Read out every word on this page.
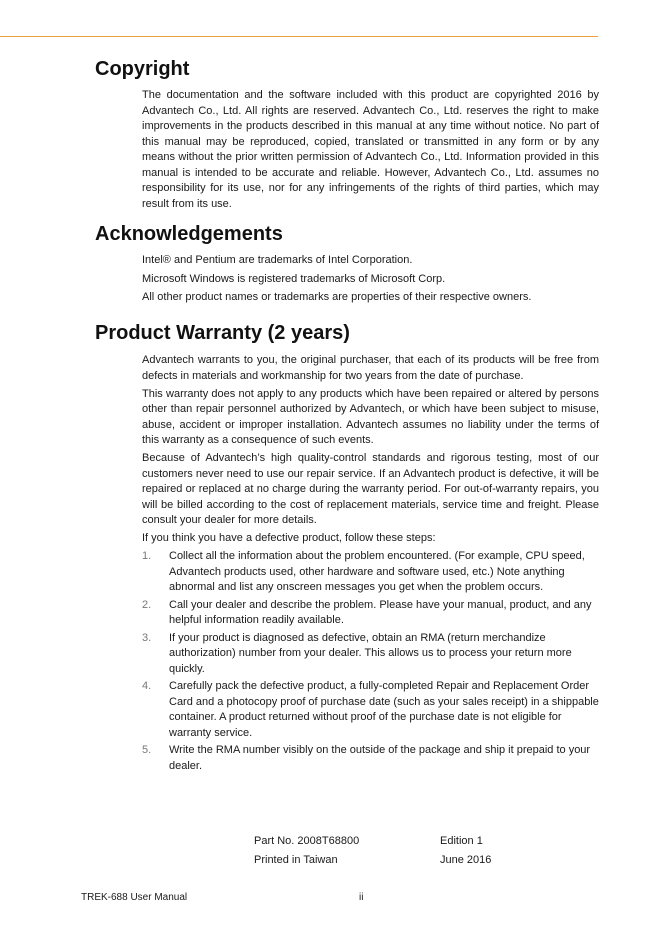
Copyright

The documentation and the software included with this product are copyrighted 2016 by Advantech Co., Ltd. All rights are reserved. Advantech Co., Ltd. reserves the right to make improvements in the products described in this manual at any time without notice. No part of this manual may be reproduced, copied, translated or transmitted in any form or by any means without the prior written permission of Advantech Co., Ltd. Information provided in this manual is intended to be accurate and reliable. However, Advantech Co., Ltd. assumes no responsibility for its use, nor for any infringements of the rights of third parties, which may result from its use.

Acknowledgements

Intel® and Pentium are trademarks of Intel Corporation.

Microsoft Windows is registered trademarks of Microsoft Corp.

All other product names or trademarks are properties of their respective owners.

Product Warranty (2 years)

Advantech warrants to you, the original purchaser, that each of its products will be free from defects in materials and workmanship for two years from the date of purchase.

This warranty does not apply to any products which have been repaired or altered by persons other than repair personnel authorized by Advantech, or which have been subject to misuse, abuse, accident or improper installation. Advantech assumes no liability under the terms of this warranty as a consequence of such events.

Because of Advantech’s high quality-control standards and rigorous testing, most of our customers never need to use our repair service. If an Advantech product is defective, it will be repaired or replaced at no charge during the warranty period. For out-of-warranty repairs, you will be billed according to the cost of replacement materials, service time and freight. Please consult your dealer for more details.

If you think you have a defective product, follow these steps:

1. Collect all the information about the problem encountered. (For example, CPU speed, Advantech products used, other hardware and software used, etc.) Note anything abnormal and list any onscreen messages you get when the problem occurs.
2. Call your dealer and describe the problem. Please have your manual, product, and any helpful information readily available.
3. If your product is diagnosed as defective, obtain an RMA (return merchandize authorization) number from your dealer. This allows us to process your return more quickly.
4. Carefully pack the defective product, a fully-completed Repair and Replacement Order Card and a photocopy proof of purchase date (such as your sales receipt) in a shippable container. A product returned without proof of the purchase date is not eligible for warranty service.
5. Write the RMA number visibly on the outside of the package and ship it prepaid to your dealer.
Part No. 2008T68800	Edition 1
Printed in Taiwan	June 2016
TREK-688 User Manual	ii
